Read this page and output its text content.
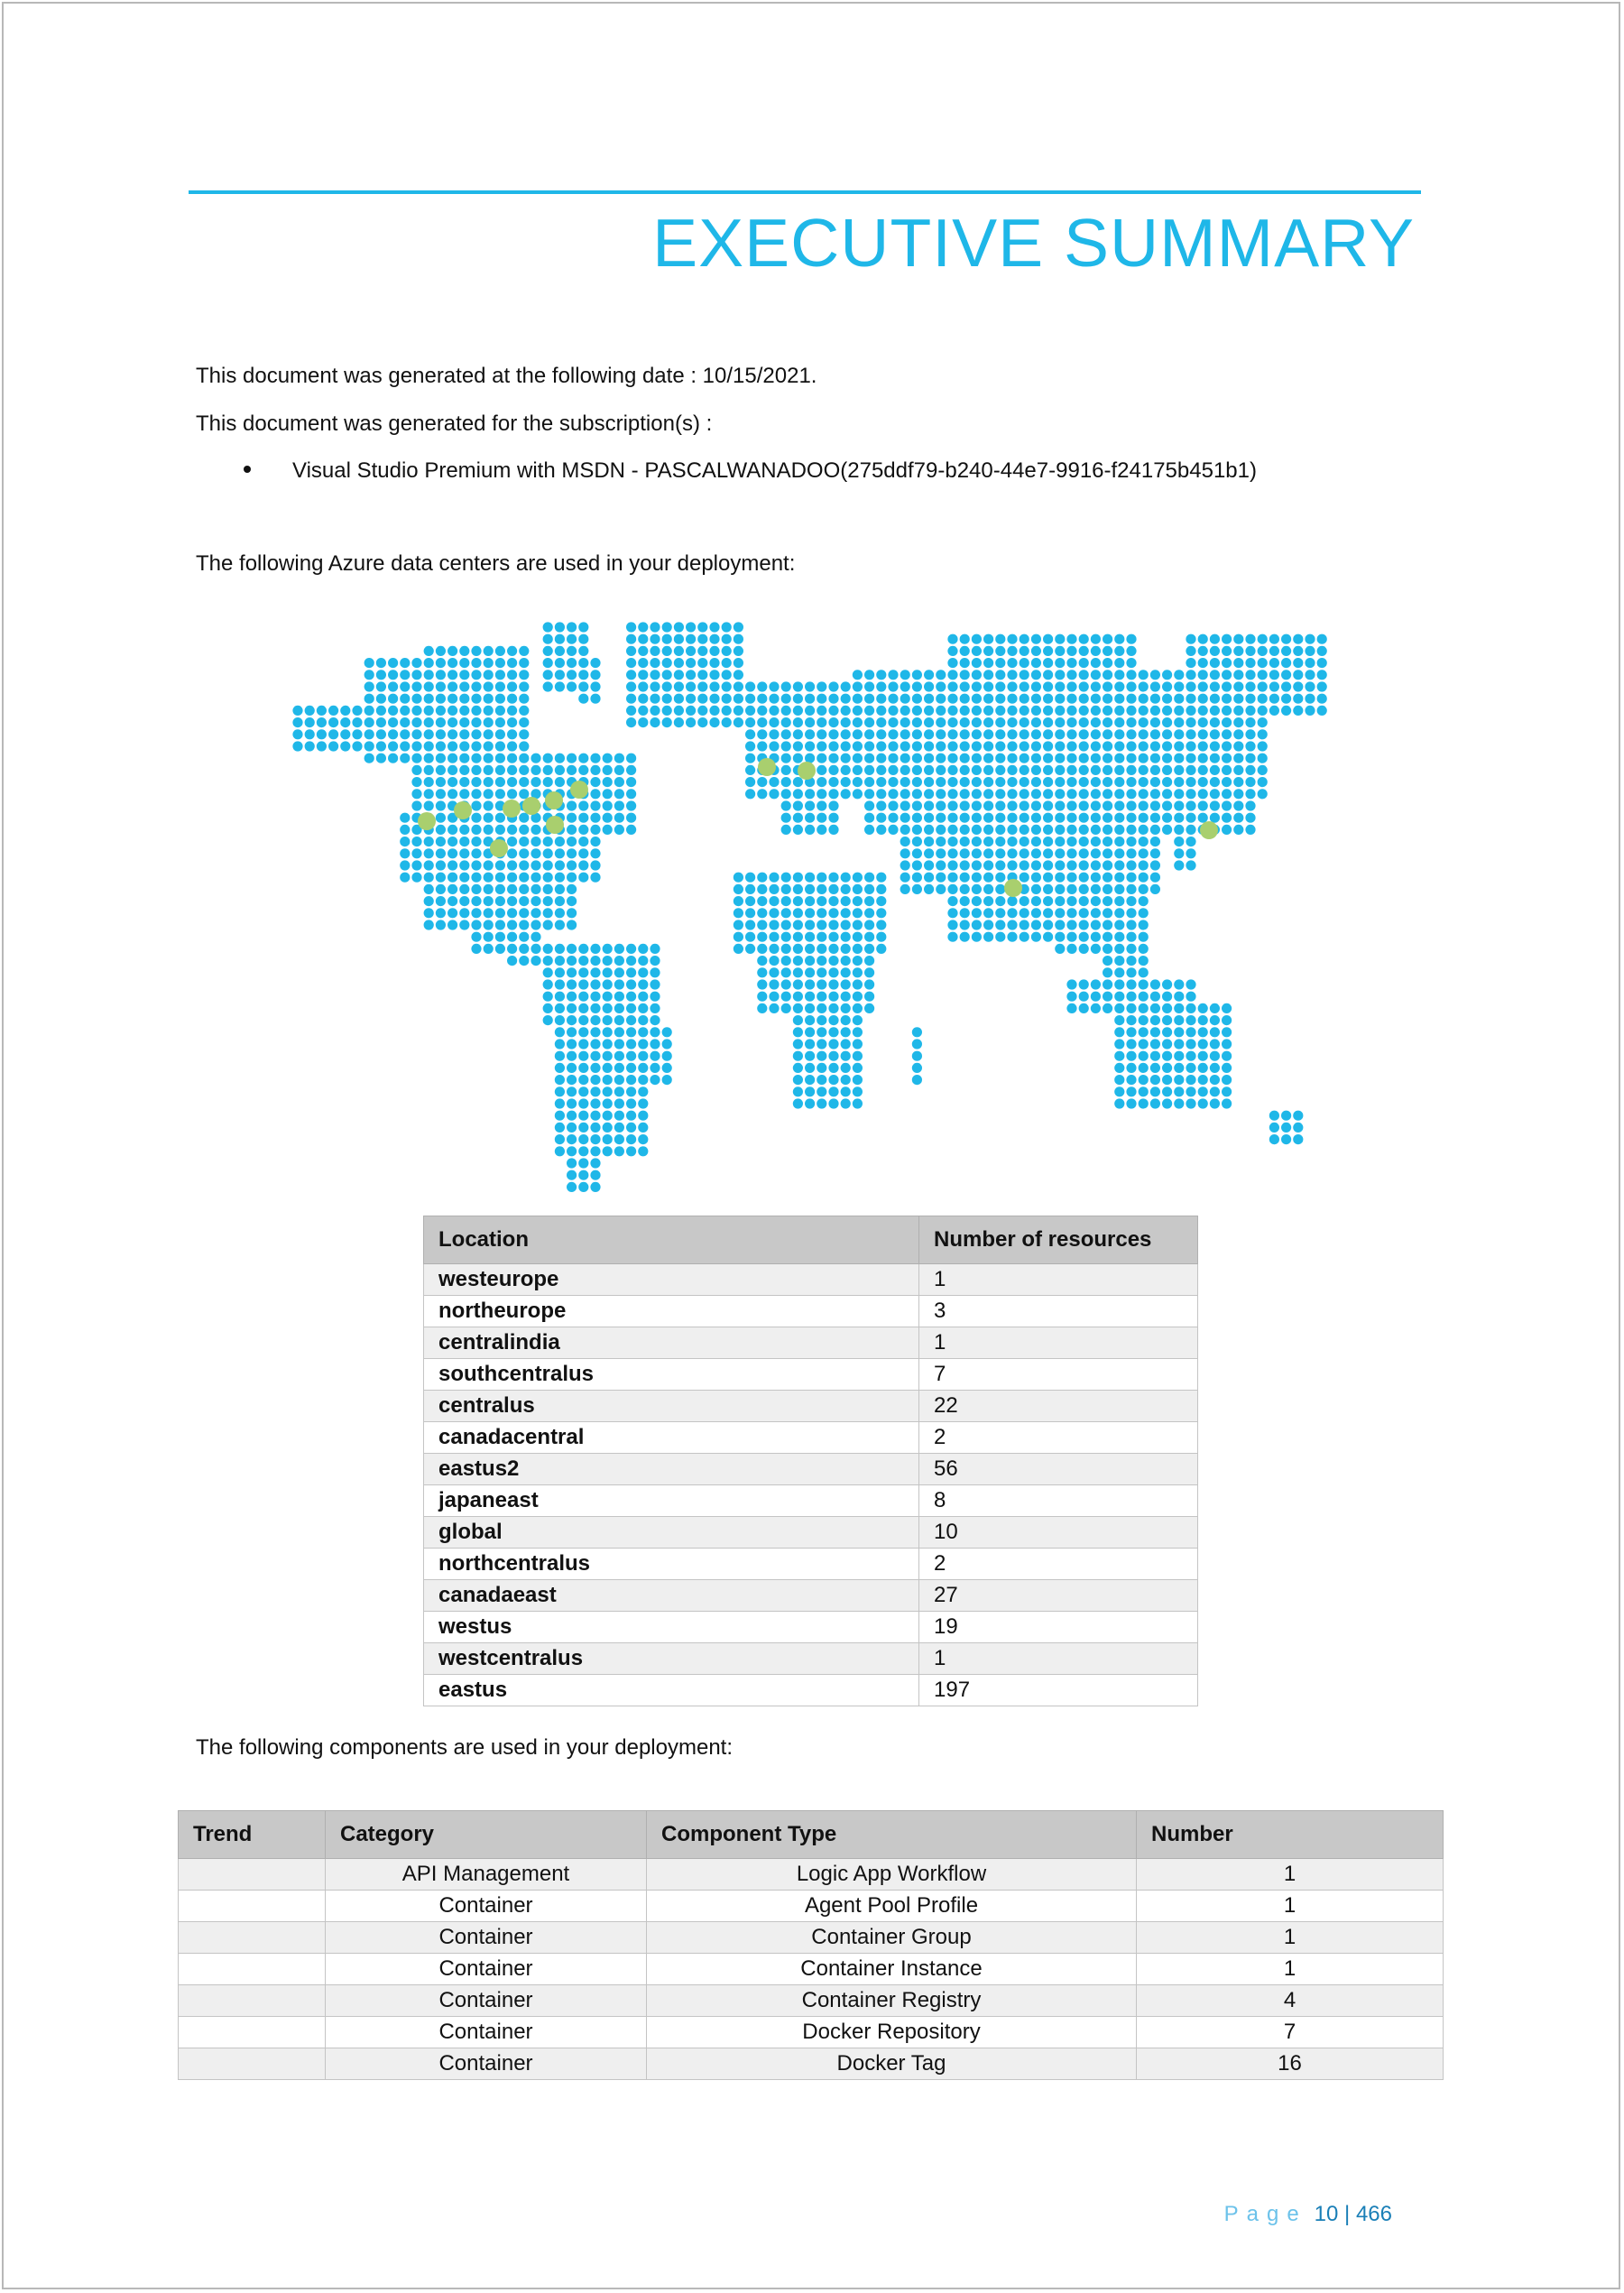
EXECUTIVE SUMMARY
This document was generated at the following date : 10/15/2021.
This document was generated for the subscription(s) :
Visual Studio Premium with MSDN - PASCALWANADOO(275ddf79-b240-44e7-9916-f24175b451b1)
The following Azure data centers are used in your deployment:
Location	Number of resources
westeurope	1
northeurope	3
centralindia	1
southcentralus	7
centralus	22
canadacentral	2
eastus2	56
japaneast	8
global	10
northcentralus	2
canadaeast	27
westus	19
westcentralus	1
eastus	197
The following components are used in your deployment:
Trend	Category	Component Type	Number
	API Management	Logic App Workflow	1
	Container	Agent Pool Profile	1
	Container	Container Group	1
	Container	Container Instance	1
	Container	Container Registry	4
	Container	Docker Repository	7
	Container	Docker Tag	16
Page 10 | 466
